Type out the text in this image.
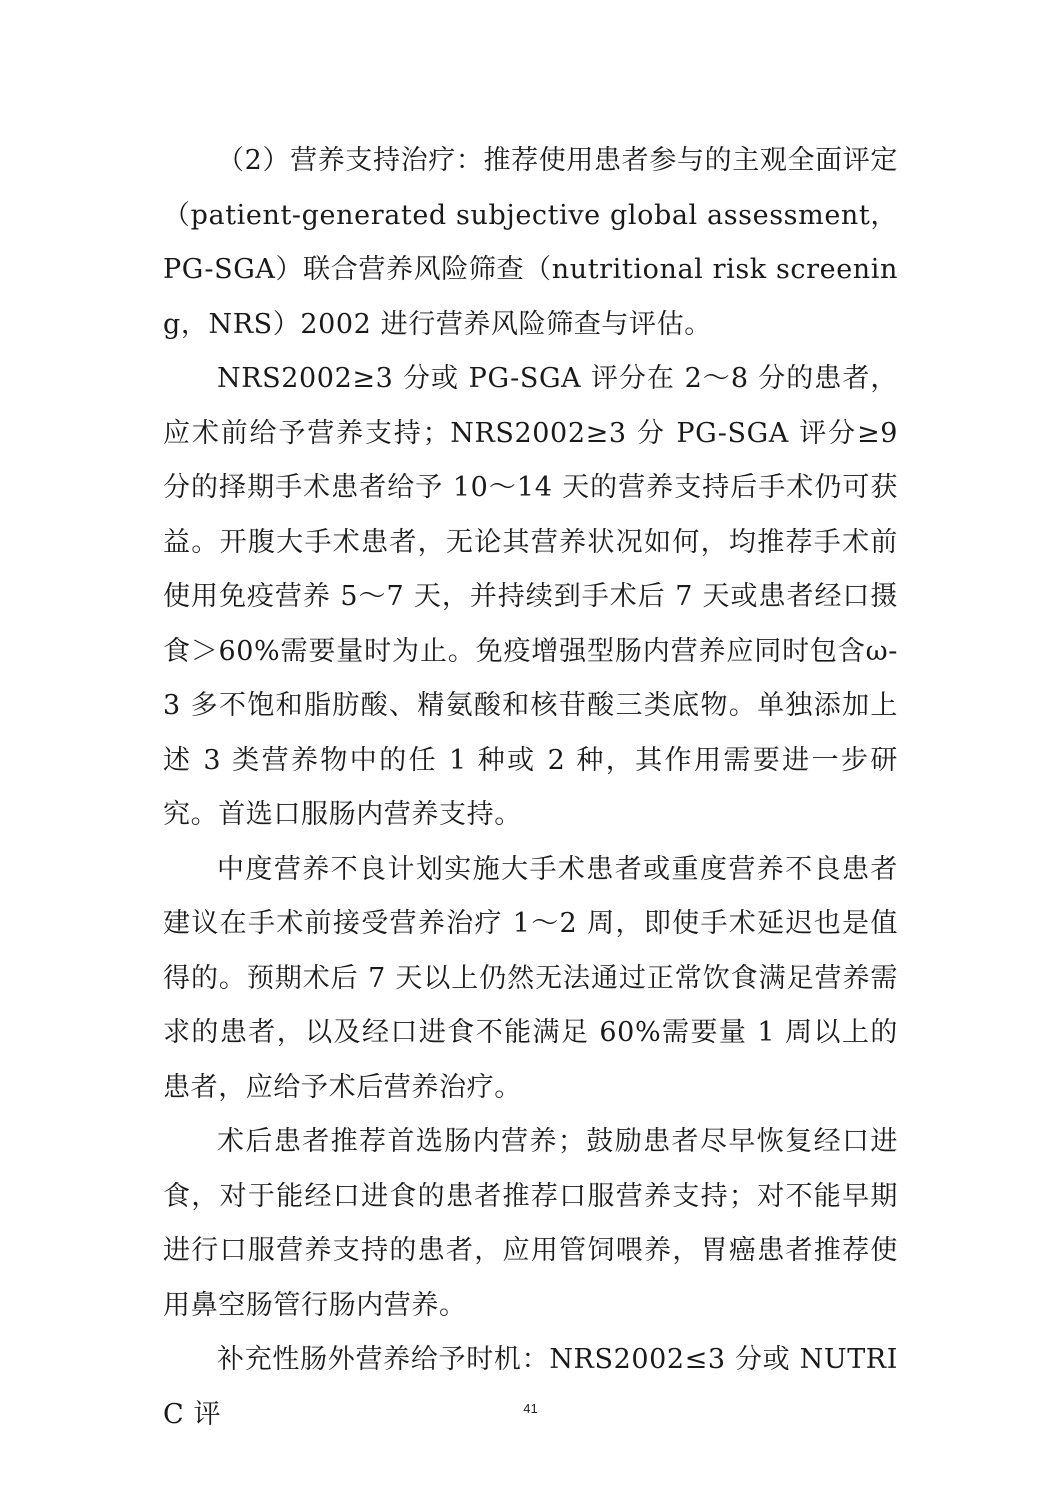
（2）营养支持治疗：推荐使用患者参与的主观全面评定（patient-generated subjective global assessment，PG-SGA）联合营养风险筛查（nutritional risk screening，NRS）2002 进行营养风险筛查与评估。

NRS2002≥3 分或 PG-SGA 评分在 2～8 分的患者，应术前给予营养支持；NRS2002≥3 分 PG-SGA 评分≥9 分的择期手术患者给予 10～14 天的营养支持后手术仍可获益。开腹大手术患者，无论其营养状况如何，均推荐手术前使用免疫营养 5～7 天，并持续到手术后 7 天或患者经口摄食＞60%需要量时为止。免疫增强型肠内营养应同时包含ω-3 多不饱和脂肪酸、精氨酸和核苷酸三类底物。单独添加上述 3 类营养物中的任 1 种或 2 种，其作用需要进一步研究。首选口服肠内营养支持。

中度营养不良计划实施大手术患者或重度营养不良患者建议在手术前接受营养治疗 1～2 周，即使手术延迟也是值得的。预期术后 7 天以上仍然无法通过正常饮食满足营养需求的患者，以及经口进食不能满足 60%需要量 1 周以上的患者，应给予术后营养治疗。

术后患者推荐首选肠内营养；鼓励患者尽早恢复经口进食，对于能经口进食的患者推荐口服营养支持；对不能早期进行口服营养支持的患者，应用管饲喂养，胃癌患者推荐使用鼻空肠管行肠内营养。

补充性肠外营养给予时机：NRS2002≤3 分或 NUTRIC 评	41
